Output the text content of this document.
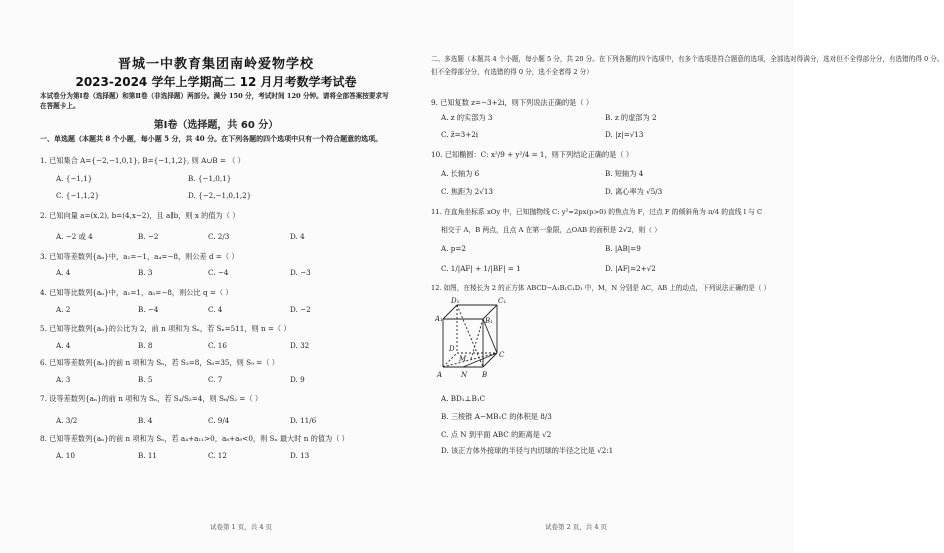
晋城一中教育集团南岭爱物学校
2023-2024 学年上学期高二 12 月月考数学考试卷
本试卷分为第Ⅰ卷（选择题）和第Ⅱ卷（非选择题）两部分。满分 150 分，考试时间 120 分钟。请将全部答案按要求写在答题卡上。
第Ⅰ卷（选择题，共 60 分）
一、单选题（本题共 8 个小题，每小题 5 分，共 40 分。在下列各题的四个选项中只有一个符合题意的选项。
1. 已知集合 A={−2,−1,0,1}, B={−1,1,2}, 则 A∪B = （ ）
A. {−1,1}	B. {−1,0,1}
C. {−1,1,2}	D. {−2,−1,0,1,2}
2. 已知向量 a=(x,2), b=(4,x−2)，且 a∥b，则 x 的值为（ ）
A. −2 或 4	B. −2	C. 2/3	D. 4
3. 已知等差数列{aₙ}中，a₁=−1，a₄=−8，则公差 d =（ ）
A. 4	B. 3	C. −4	D. −3
4. 已知等比数列{aₙ}中，a₁=1，a₅=−8，则公比 q =（ ）
A. 2	B. −4	C. 4	D. −2
5. 已知等比数列{aₙ}的公比为 2，前 n 项和为 Sₙ，若 Sₙ=511，则 n =（ ）
A. 4	B. 8	C. 16	D. 32
6. 已知等差数列{aₙ}的前 n 项和为 Sₙ，若 S₃=8，S₆=35，则 S₉ =（ ）
A. 3	B. 5	C. 7	D. 9
7. 设等差数列{aₙ}的前 n 项和为 Sₙ，若 S₄/S₂=4，则 S₆/S₂ =（ ）
A. 3/2	B. 4	C. 9/4	D. 11/6
8. 已知等差数列{aₙ}的前 n 项和为 Sₙ，若 a₄+a₁₁>0，a₈+a₉<0，则 Sₙ 最大时 n 的值为（ ）
A. 10	B. 11	C. 12	D. 13
试卷第 1 页，共 4 页
二、多选题（本题共 4 个小题，每小题 5 分，共 20 分。在下列各题的四个选项中，有多个选项是符合题意的选项，全部选对得满分，选对但不全得部分分，有选错的得 0 分。
但不全得部分分，有选错的得 0 分，选不全者得 2 分）
9. 已知复数 z=−3+2i，则下列说法正确的是（ ）
A. z 的实部为 3	B. z 的虚部为 2
C. z̄=3+2i	D. |z|=√13
10. 已知椭圆：C: x²/9 + y²/4 = 1，则下列结论正确的是（ ）
A. 长轴为 6	B. 短轴为 4
C. 焦距为 2√13	D. 离心率为 √5/3
11. 在直角坐标系 xOy 中，已知抛物线 C: y²=2px(p>0) 的焦点为 F，过点 F 的倾斜角为 π/4 的直线 l 与 C
相交于 A，B 两点，且点 A 在第一象限，△OAB 的面积是 2√2，则（ ）
A. p=2	B. |AB|=9
C. 1/|AF| + 1/|BF| = 1	D. |AF|=2+√2
12. 如图，在棱长为 2 的正方体 ABCD−A₁B₁C₁D₁ 中，M，N 分别是 AC，AB 上的动点，下列说法正确的是（ ）
D₁	C₁
A₁	B₁
D
C
A	N B
M
A. BD₁⊥B₁C
B. 三棱锥 A−MB₁C 的体积是 8/3
C. 点 N 到平面 ABC 的距离是 √2
D. 该正方体外接球的半径与内切球的半径之比是 √2:1
试卷第 2 页，共 4 页
